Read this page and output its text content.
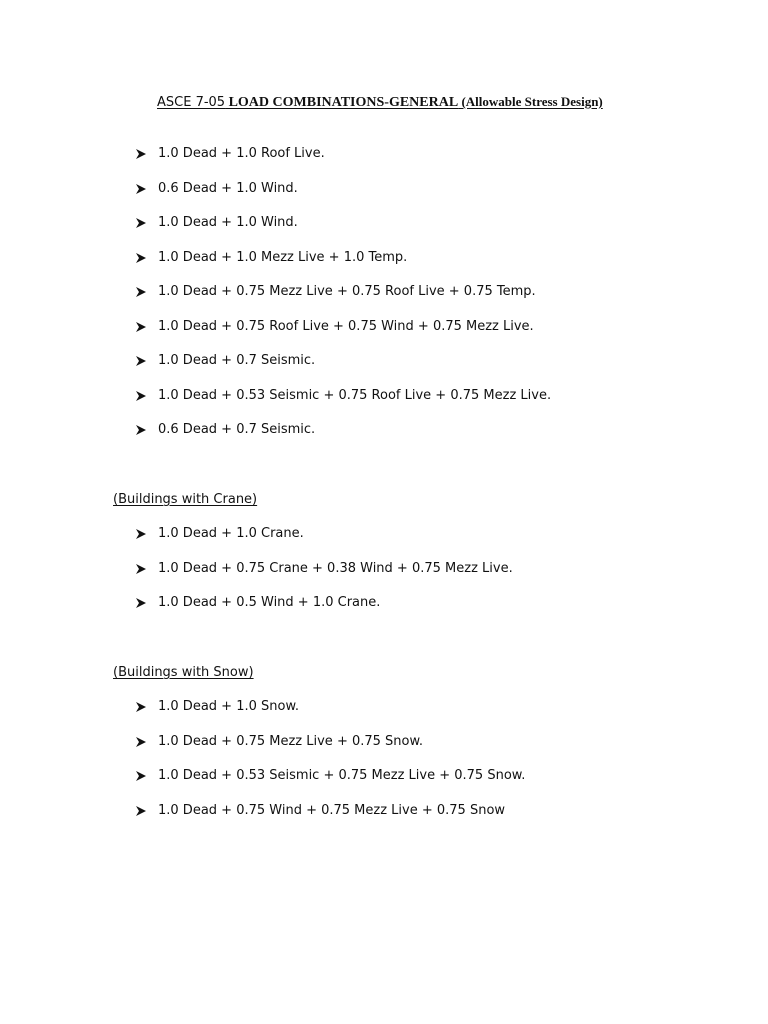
ASCE 7-05 LOAD COMBINATIONS-GENERAL (Allowable Stress Design)
1.0 Dead + 1.0 Roof Live.
0.6 Dead + 1.0 Wind.
1.0 Dead + 1.0 Wind.
1.0 Dead + 1.0 Mezz Live + 1.0 Temp.
1.0 Dead + 0.75 Mezz Live + 0.75 Roof Live + 0.75 Temp.
1.0 Dead + 0.75 Roof Live + 0.75 Wind + 0.75 Mezz Live.
1.0 Dead + 0.7 Seismic.
1.0 Dead + 0.53 Seismic + 0.75 Roof Live + 0.75 Mezz Live.
0.6 Dead + 0.7 Seismic.
(Buildings with Crane)
1.0 Dead + 1.0 Crane.
1.0 Dead + 0.75 Crane + 0.38 Wind + 0.75 Mezz Live.
1.0 Dead + 0.5 Wind + 1.0 Crane.
(Buildings with Snow)
1.0 Dead + 1.0 Snow.
1.0 Dead + 0.75 Mezz Live + 0.75 Snow.
1.0 Dead + 0.53 Seismic + 0.75 Mezz Live + 0.75 Snow.
1.0 Dead + 0.75 Wind + 0.75 Mezz Live + 0.75 Snow
